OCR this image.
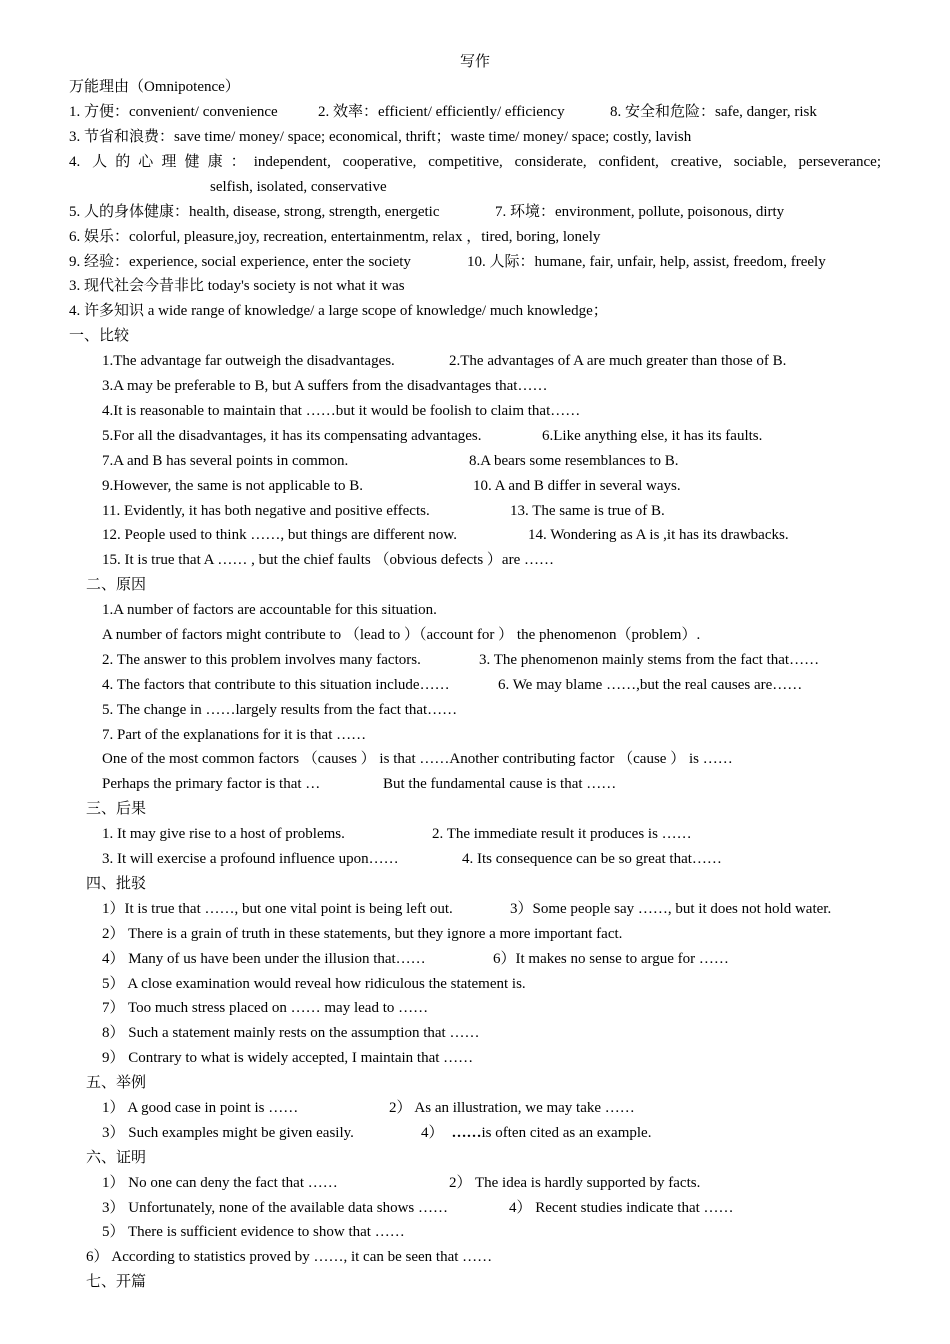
写作
万能理由（Omnipotence）
1. 方便：convenient/ convenience	2. 效率：efficient/ efficiently/ efficiency	8. 安全和危险：safe, danger, risk
3. 节省和浪费：save time/ money/ space; economical, thrift；waste time/ money/ space; costly, lavish
4. 人的心理健康：independent, cooperative, competitive, considerate, confident, creative, sociable, perseverance;
selfish, isolated, conservative
5. 人的身体健康：health, disease, strong, strength, energetic	7. 环境：environment, pollute, poisonous, dirty
6. 娱乐：colorful, pleasure,joy, recreation, entertainmentm, relax ，tired, boring, lonely
9. 经验：experience, social experience, enter the society	10. 人际：humane, fair, unfair, help, assist, freedom, freely
3. 现代社会今昔非比 today's society is not what it was
4. 许多知识 a wide range of knowledge/ a large scope of knowledge/ much knowledge；
一、比较
1.The advantage far outweigh the disadvantages.	2.The advantages of A are much greater than those of B.
3.A may be preferable to B, but A suffers from the disadvantages that……
4.It is reasonable to maintain that ……but it would be foolish to claim that……
5.For all the disadvantages, it has its compensating advantages.	6.Like anything else, it has its faults.
7.A and B has several points in common.	8.A bears some resemblances to B.
9.However, the same is not applicable to B.	10. A and B differ in several ways.
11. Evidently, it has both negative and positive effects.	13. The same is true of B.
12. People used to think ……, but things are different now.	14. Wondering as A is ,it has its drawbacks.
15. It is true that A …… , but the chief faults （obvious defects ）are ……
二、原因
1.A number of factors are accountable for this situation.
A number of factors might contribute to （lead to ）（account for ） the phenomenon（problem）.
2. The answer to this problem involves many factors.	3. The phenomenon mainly stems from the fact that……
4. The factors that contribute to this situation include……	6. We may blame ……,but the real causes are……
5. The change in ……largely results from the fact that……
7. Part of the explanations for it is that ……
One of the most common factors （causes ） is that ……Another contributing factor （cause ） is ……
Perhaps the primary factor is that …	But the fundamental cause is that ……
三、后果
1. It may give rise to a host of problems.	2. The immediate result it produces is ……
3. It will exercise a profound influence upon……	4. Its consequence can be so great that……
四、批驳
1）It is true that ……, but one vital point is being left out.	3）Some people say ……, but it does not hold water.
2） There is a grain of truth in these statements, but they ignore a more important fact.
4） Many of us have been under the illusion that……	6）It makes no sense to argue for ……
5） A close examination would reveal how ridiculous the statement is.
7） Too much stress placed on …… may lead to ……
8） Such a statement mainly rests on the assumption that ……
9） Contrary to what is widely accepted, I maintain that ……
五、举例
1） A good case in point is ……	2） As an illustration, we may take ……
3） Such examples might be given easily.	4） ……is often cited as an example.
六、证明
1） No one can deny the fact that ……	2） The idea is hardly supported by facts.
3） Unfortunately, none of the available data shows ……	4） Recent studies indicate that ……
5） There is sufficient evidence to show that ……
6） According to statistics proved by ……, it can be seen that ……
七、开篇
